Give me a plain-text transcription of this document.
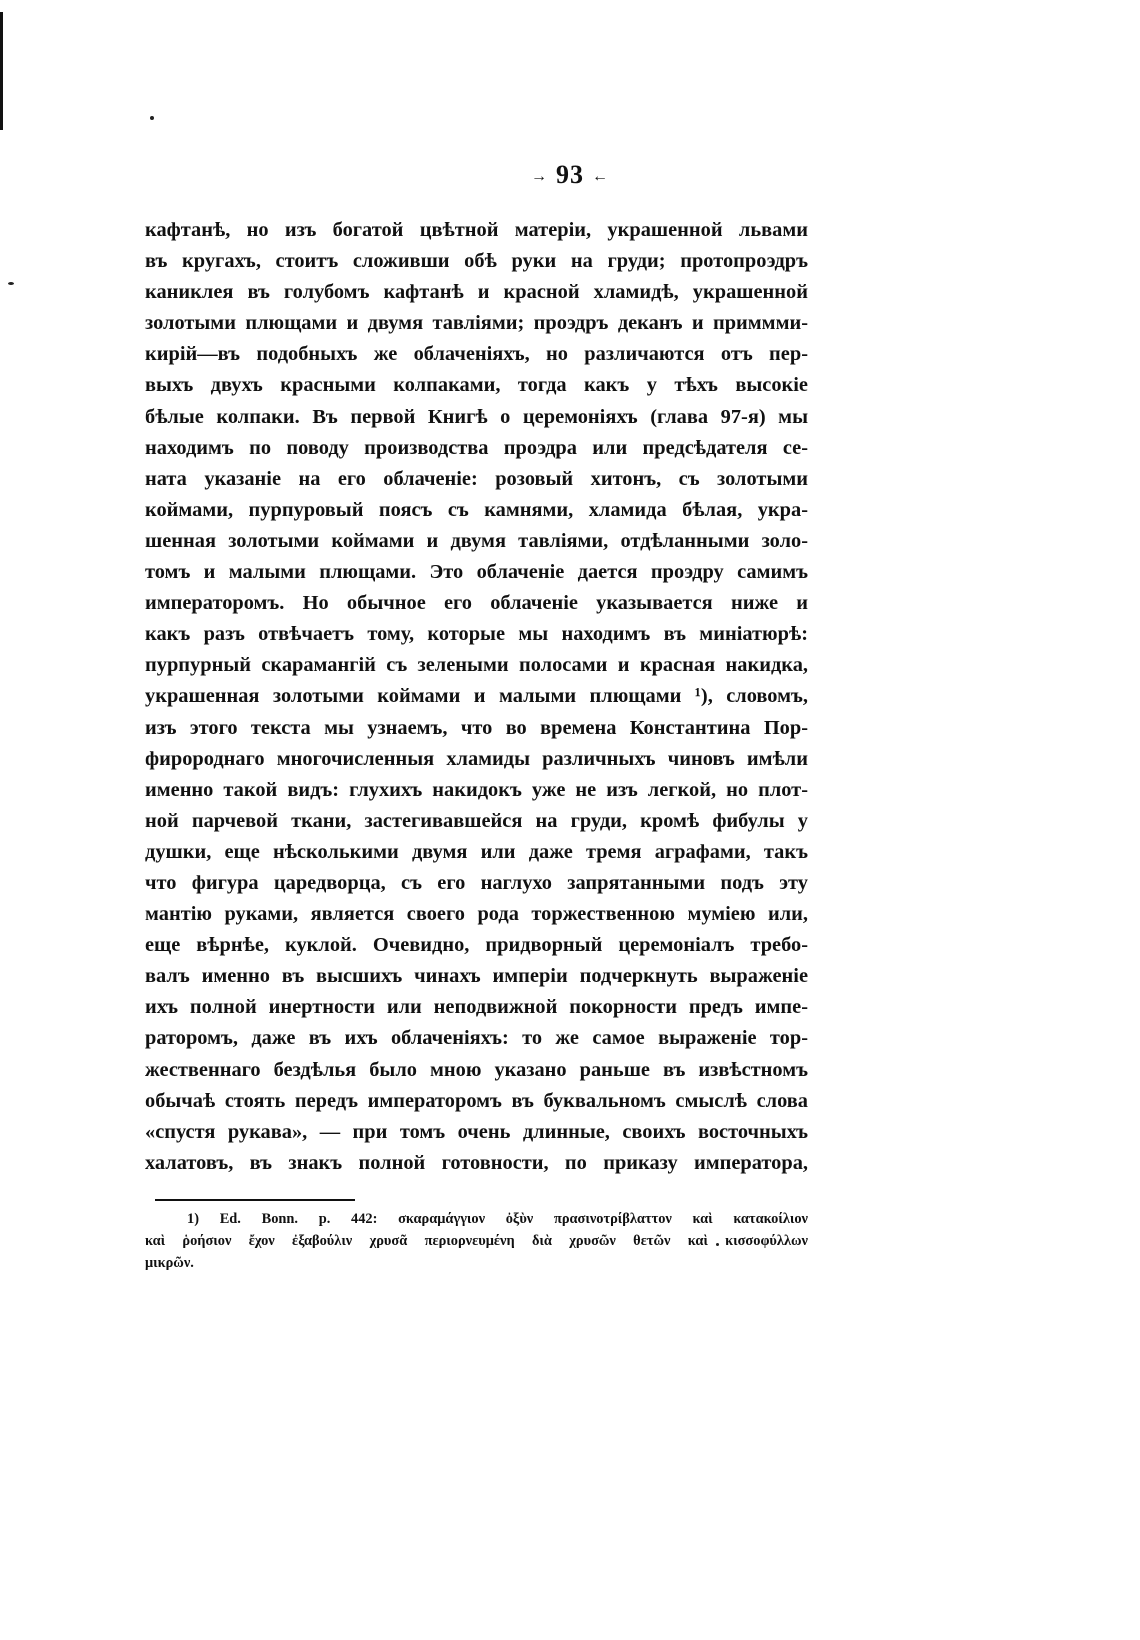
→ 93 ←
кафтанѣ, но изъ богатой цвѣтной матеріи, украшенной львами
въ кругахъ, стоитъ сложивши обѣ руки на груди; протопроэдръ
каниклея въ голубомъ кафтанѣ и красной хламидѣ, украшенной
золотыми плющами и двумя тавліями; проэдръ деканъ и приммми-
кирій—въ подобныхъ же облаченіяхъ, но различаются отъ пер-
выхъ двухъ красными колпаками, тогда какъ у тѣхъ высокіе
бѣлые колпаки. Въ первой Книгѣ о церемоніяхъ (глава 97-я) мы
находимъ по поводу производства проэдра или предсѣдателя се-
ната указаніе на его облаченіе: розовый хитонъ, съ золотыми
коймами, пурпуровый поясъ съ камнями, хламида бѣлая, укра-
шенная золотыми коймами и двумя тавліями, отдѣланными золо-
томъ и малыми плющами. Это облаченіе дается проэдру самимъ
императоромъ. Но обычное его облаченіе указывается ниже и
какъ разъ отвѣчаетъ тому, которые мы находимъ въ миніатюрѣ:
пурпурный скарамангій съ зелеными полосами и красная накидка,
украшенная золотыми коймами и малыми плющами ¹), словомъ,
изъ этого текста мы узнаемъ, что во времена Константина Пор-
фиророднаго многочисленныя хламиды различныхъ чиновъ имѣли
именно такой видъ: глухихъ накидокъ уже не изъ легкой, но плот-
ной парчевой ткани, застегивавшейся на груди, кромѣ фибулы у
душки, еще нѣсколькими двумя или даже тремя аграфами, такъ
что фигура царедворца, съ его наглухо запрятанными подъ эту
мантію руками, является своего рода торжественною муміею или,
еще вѣрнѣе, куклой. Очевидно, придворный церемоніалъ требо-
валъ именно въ высшихъ чинахъ имперіи подчеркнуть выраженіе
ихъ полной инертности или неподвижной покорности предъ импе-
раторомъ, даже въ ихъ облаченіяхъ: то же самое выраженіе тор-
жественнаго бездѣлья было мною указано раньше въ извѣстномъ
обычаѣ стоять передъ императоромъ въ буквальномъ смыслѣ слова
«спустя рукава», — при томъ очень длинные, своихъ восточныхъ
халатовъ, въ знакъ полной готовности, по приказу императора,
1) Ed. Bonn. p. 442: σκαραμάγγιον ὀξὺν πρασινοτρίβλαττον καὶ κατακοίλιον
καὶ ῥοήσιον ἔχον ἐξαβούλιν χρυσᾶ περιορνευμένη διὰ χρυσῶν θετῶν καὶ κισσοφύλλων
μικρῶν.
